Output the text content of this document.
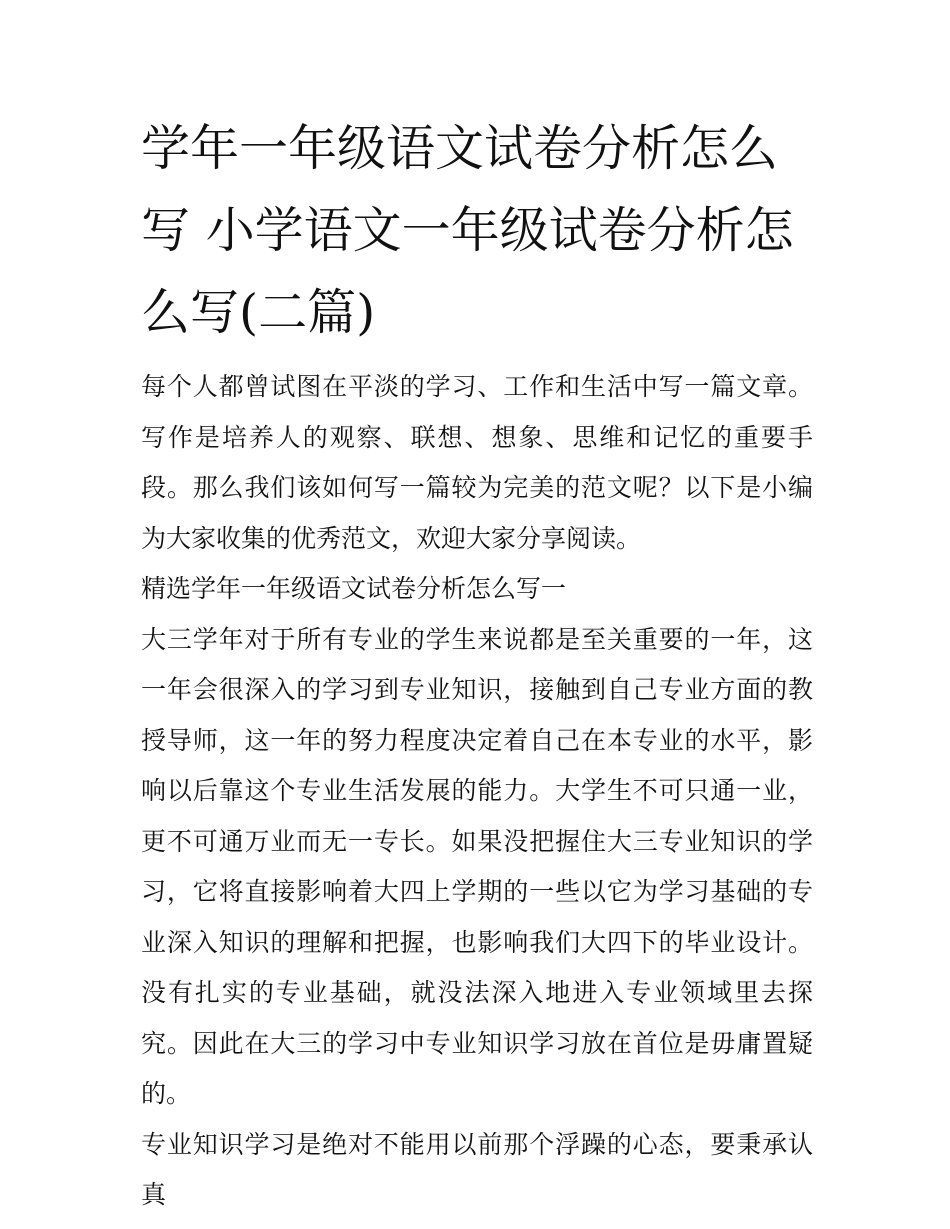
学年一年级语文试卷分析怎么写 小学语文一年级试卷分析怎么写(二篇)

每个人都曾试图在平淡的学习、工作和生活中写一篇文章。写作是培养人的观察、联想、想象、思维和记忆的重要手段。那么我们该如何写一篇较为完美的范文呢？以下是小编为大家收集的优秀范文，欢迎大家分享阅读。

精选学年一年级语文试卷分析怎么写一

大三学年对于所有专业的学生来说都是至关重要的一年，这一年会很深入的学习到专业知识，接触到自己专业方面的教授导师，这一年的努力程度决定着自己在本专业的水平，影响以后靠这个专业生活发展的能力。大学生不可只通一业，更不可通万业而无一专长。如果没把握住大三专业知识的学习，它将直接影响着大四上学期的一些以它为学习基础的专业深入知识的理解和把握，也影响我们大四下的毕业设计。没有扎实的专业基础，就没法深入地进入专业领域里去探究。因此在大三的学习中专业知识学习放在首位是毋庸置疑的。

专业知识学习是绝对不能用以前那个浮躁的心态，要秉承认真
